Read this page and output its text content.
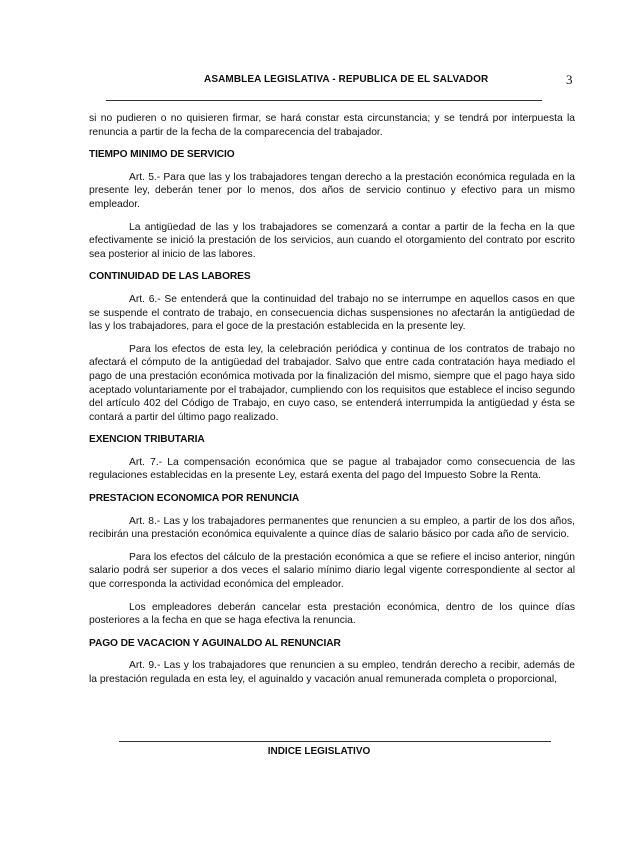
ASAMBLEA LEGISLATIVA - REPUBLICA DE EL SALVADOR	3

si no pudieren o no quisieren firmar, se hará constar esta circunstancia; y se tendrá por interpuesta la renuncia a partir de la fecha de la comparecencia del trabajador.

TIEMPO MINIMO DE SERVICIO

Art. 5.- Para que las y los trabajadores tengan derecho a la prestación económica regulada en la presente ley, deberán tener por lo menos, dos años de servicio continuo y efectivo para un mismo empleador.

La antigüedad de las y los trabajadores se comenzará a contar a partir de la fecha en la que efectivamente se inició la prestación de los servicios, aun cuando el otorgamiento del contrato por escrito sea posterior al inicio de las labores.

CONTINUIDAD DE LAS LABORES

Art. 6.- Se entenderá que la continuidad del trabajo no se interrumpe en aquellos casos en que se suspende el contrato de trabajo, en consecuencia dichas suspensiones no afectarán la antigüedad de las y los trabajadores, para el goce de la prestación establecida en la presente ley.

Para los efectos de esta ley, la celebración periódica y continua de los contratos de trabajo no afectará el cómputo de la antigüedad del trabajador. Salvo que entre cada contratación haya mediado el pago de una prestación económica motivada por la finalización del mismo, siempre que el pago haya sido aceptado voluntariamente por el trabajador, cumpliendo con los requisitos que establece el inciso segundo del artículo 402 del Código de Trabajo, en cuyo caso, se entenderá interrumpida la antigüedad y ésta se contará a partir del último pago realizado.

EXENCION TRIBUTARIA

Art. 7.- La compensación económica que se pague al trabajador como consecuencia de las regulaciones establecidas en la presente Ley, estará exenta del pago del Impuesto Sobre la Renta.

PRESTACION ECONOMICA POR RENUNCIA

Art. 8.- Las y los trabajadores permanentes que renuncien a su empleo, a partir de los dos años, recibirán una prestación económica equivalente a quince días de salario básico por cada año de servicio.

Para los efectos del cálculo de la prestación económica a que se refiere el inciso anterior, ningún salario podrá ser superior a dos veces el salario mínimo diario legal vigente correspondiente al sector al que corresponda la actividad económica del empleador.

Los empleadores deberán cancelar esta prestación económica, dentro de los quince días posteriores a la fecha en que se haga efectiva la renuncia.

PAGO DE VACACION Y AGUINALDO AL RENUNCIAR

Art. 9.- Las y los trabajadores que renuncien a su empleo, tendrán derecho a recibir, además de la prestación regulada en esta ley, el aguinaldo y vacación anual remunerada completa o proporcional,

INDICE LEGISLATIVO
